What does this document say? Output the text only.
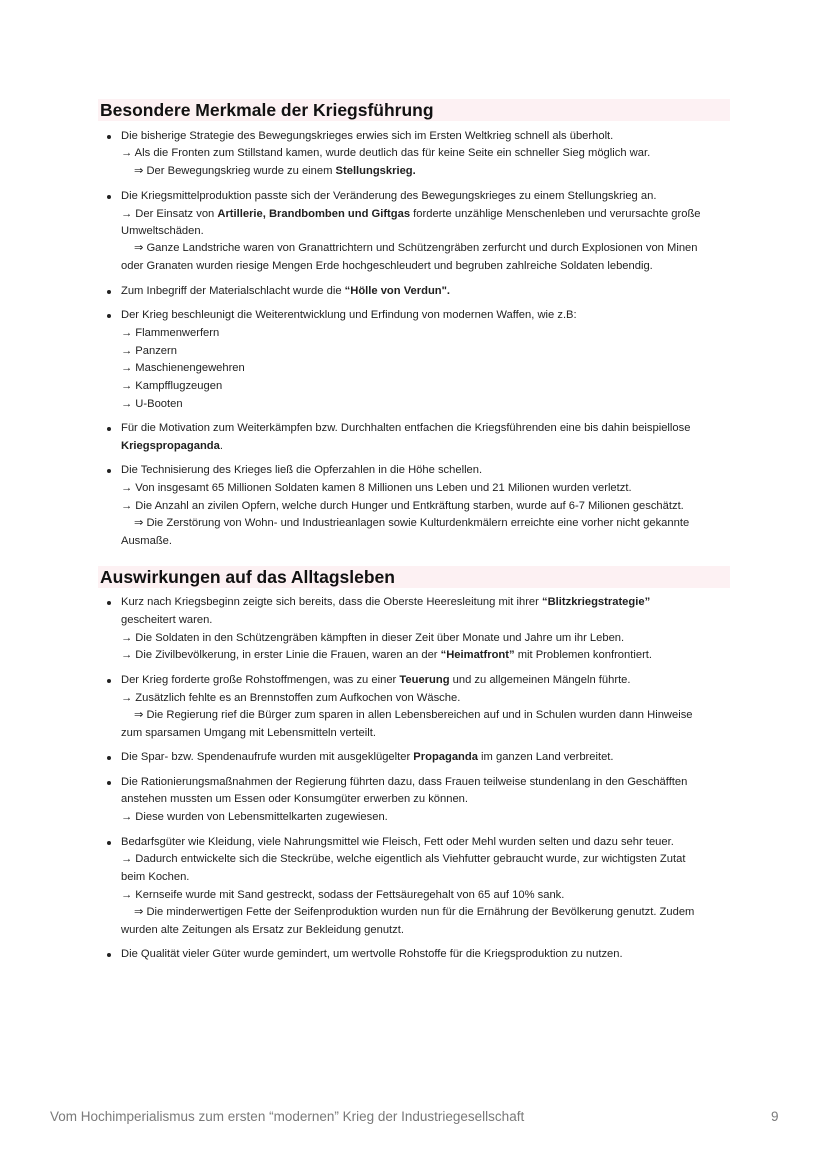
Besondere Merkmale der Kriegsführung
Die bisherige Strategie des Bewegungskrieges erwies sich im Ersten Weltkrieg schnell als überholt.
→ Als die Fronten zum Stillstand kamen, wurde deutlich das für keine Seite ein schneller Sieg möglich war.
⇒ Der Bewegungskrieg wurde zu einem Stellungskrieg.
Die Kriegsmittelproduktion passte sich der Veränderung des Bewegungskrieges zu einem Stellungskrieg an.
→ Der Einsatz von Artillerie, Brandbomben und Giftgas forderte unzählige Menschenleben und verursachte große
Umweltschäden.
⇒ Ganze Landstriche waren von Granattrichtern und Schützengräben zerfurcht und durch Explosionen von Minen
oder Granaten wurden riesige Mengen Erde hochgeschleudert und begruben zahlreiche Soldaten lebendig.
Zum Inbegriff der Materialschlacht wurde die “Hölle von Verdun".
Der Krieg beschleunigt die Weiterentwicklung und Erfindung von modernen Waffen, wie z.B:
→ Flammenwerfern
→ Panzern
→ Maschienengewehren
→ Kampfflugzeugen
→ U-Booten
Für die Motivation zum Weiterkämpfen bzw. Durchhalten entfachen die Kriegsführenden eine bis dahin beispiellose
Kriegspropaganda.
Die Technisierung des Krieges ließ die Opferzahlen in die Höhe schellen.
→ Von insgesamt 65 Millionen Soldaten kamen 8 Millionen uns Leben und 21 Milionen wurden verletzt.
→ Die Anzahl an zivilen Opfern, welche durch Hunger und Entkräftung starben, wurde auf 6-7 Milionen geschätzt.
⇒ Die Zerstörung von Wohn- und Industrieanlagen sowie Kulturdenkmälern erreichte eine vorher nicht gekannte
Ausmaße.
Auswirkungen auf das Alltagsleben
Kurz nach Kriegsbeginn zeigte sich bereits, dass die Oberste Heeresleitung mit ihrer “Blitzkriegstrategie”
gescheitert waren.
→ Die Soldaten in den Schützengräben kämpften in dieser Zeit über Monate und Jahre um ihr Leben.
→ Die Zivilbevölkerung, in erster Linie die Frauen, waren an der “Heimatfront” mit Problemen konfrontiert.
Der Krieg forderte große Rohstoffmengen, was zu einer Teuerung und zu allgemeinen Mängeln führte.
→ Zusätzlich fehlte es an Brennstoffen zum Aufkochen von Wäsche.
⇒ Die Regierung rief die Bürger zum sparen in allen Lebensbereichen auf und in Schulen wurden dann Hinweise
zum sparsamen Umgang mit Lebensmitteln verteilt.
Die Spar- bzw. Spendenaufrufe wurden mit ausgeklügelter Propaganda im ganzen Land verbreitet.
Die Rationierungsmaßnahmen der Regierung führten dazu, dass Frauen teilweise stundenlang in den Geschäfften
anstehen mussten um Essen oder Konsumgüter erwerben zu können.
→ Diese wurden von Lebensmittelkarten zugewiesen.
Bedarfsgüter wie Kleidung, viele Nahrungsmittel wie Fleisch, Fett oder Mehl wurden selten und dazu sehr teuer.
→ Dadurch entwickelte sich die Steckrübe, welche eigentlich als Viehfutter gebraucht wurde, zur wichtigsten Zutat
beim Kochen.
→ Kernseife wurde mit Sand gestreckt, sodass der Fettsäuregehalt von 65 auf 10% sank.
⇒ Die minderwertigen Fette der Seifenproduktion wurden nun für die Ernährung der Bevölkerung genutzt. Zudem
wurden alte Zeitungen als Ersatz zur Bekleidung genutzt.
Die Qualität vieler Güter wurde gemindert, um wertvolle Rohstoffe für die Kriegsproduktion zu nutzen.
Vom Hochimperialismus zum ersten “modernen” Krieg der Industriegesellschaft	9
